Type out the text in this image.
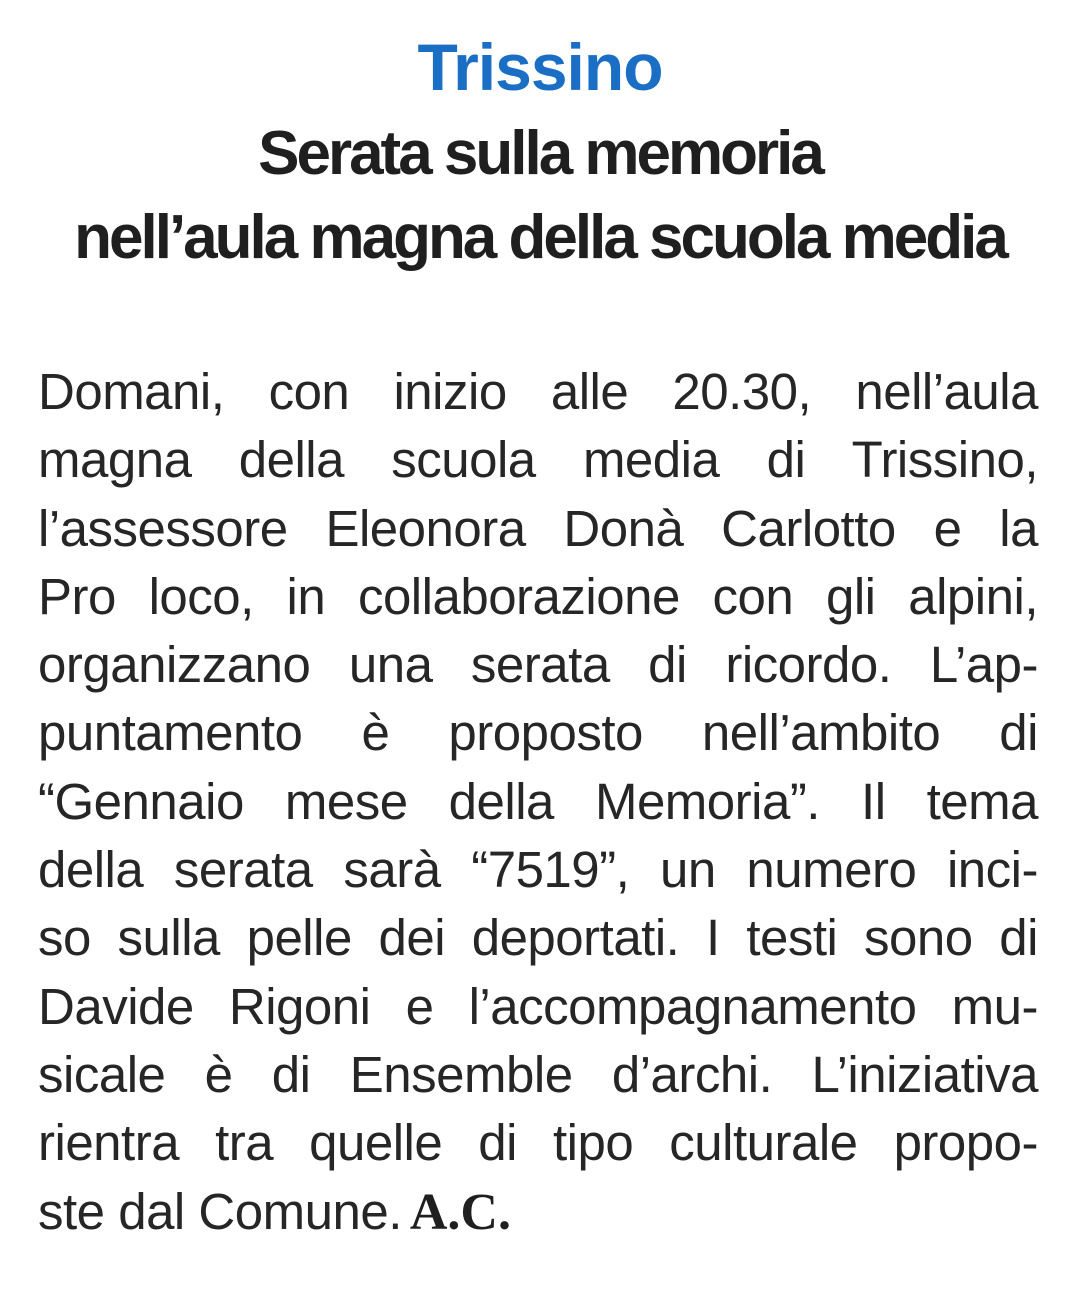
Trissino
Serata sulla memoria
nell’aula magna della scuola media
Domani, con inizio alle 20.30, nell’aula
magna della scuola media di Trissino,
l’assessore Eleonora Donà Carlotto e la
Pro loco, in collaborazione con gli alpini,
organizzano una serata di ricordo. L’ap-
puntamento è proposto nell’ambito di
“Gennaio mese della Memoria”. Il tema
della serata sarà “7519”, un numero inci-
so sulla pelle dei deportati. I testi sono di
Davide Rigoni e l’accompagnamento mu-
sicale è di Ensemble d’archi. L’iniziativa
rientra tra quelle di tipo culturale propo-
ste dal Comune. A.C.
